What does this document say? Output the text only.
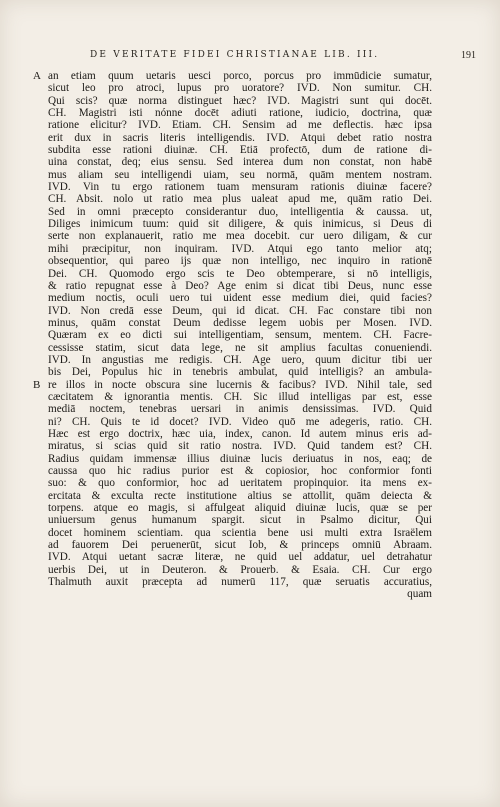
DE VERITATE FIDEI CHRISTIANAE LIB. III.	191
A
B
an etiam quum uetaris uesci porco, porcus pro immūdicie sumatur,
sicut leo pro atroci, lupus pro uoratore? IVD. Non sumitur. CH.
Qui scis? quæ norma distinguet hæc? IVD. Magistri sunt qui docēt.
CH. Magistri isti nónne docēt adiuti ratione, iudicio, doctrina, quæ
ratione elicitur? IVD. Etiam. CH. Sensim ad me deflectis. hæc ipsa
erit dux in sacris literis intelligendis. IVD. Atqui debet ratio nostra
subdita esse rationi diuinæ. CH. Etiā profectō, dum de ratione di-
uina constat, deq; eius sensu. Sed interea dum non constat, non habē
mus aliam seu intelligendi uiam, seu normā, quām mentem nostram.
IVD. Vin tu ergo rationem tuam mensuram rationis diuinæ facere?
CH. Absit. nolo ut ratio mea plus ualeat apud me, quām ratio Dei.
Sed in omni præcepto considerantur duo, intelligentia & caussa. ut,
Diliges inimicum tuum: quid sit diligere, & quis inimicus, si Deus di
serte non explanauerit, ratio me mea docebit. cur uero diligam, & cur
mihi præcipitur, non inquiram. IVD. Atqui ego tanto melior atq;
obsequentior, qui pareo ijs quæ non intelligo, nec inquiro in rationē
Dei. CH. Quomodo ergo scis te Deo obtemperare, si nō intelligis,
& ratio repugnat esse à Deo? Age enim si dicat tibi Deus, nunc esse
medium noctis, oculi uero tui uident esse medium diei, quid facies?
IVD. Non credā esse Deum, qui id dicat. CH. Fac constare tibi non
minus, quām constat Deum dedisse legem uobis per Mosen. IVD.
Quæram ex eo dicti sui intelligentiam, sensum, mentem. CH. Facre-
cessisse statim, sicut data lege, ne sit amplius facultas conueniendi.
IVD. In angustias me redigis. CH. Age uero, quum dicitur tibi uer
bis Dei, Populus hic in tenebris ambulat, quid intelligis? an ambula-
re illos in nocte obscura sine lucernis & facibus? IVD. Nihil tale, sed
cæcitatem & ignorantia mentis. CH. Sic illud intelligas par est, esse
mediā noctem, tenebras uersari in animis densissimas. IVD. Quid
ni? CH. Quis te id docet? IVD. Video quō me adegeris, ratio. CH.
Hæc est ergo doctrix, hæc uia, index, canon. Id autem minus eris ad-
miratus, si scias quid sit ratio nostra. IVD. Quid tandem est? CH.
Radius quidam immensæ illius diuinæ lucis deriuatus in nos, eaq; de
caussa quo hic radius purior est & copiosior, hoc conformior fonti
suo: & quo conformior, hoc ad ueritatem propinquior. ita mens ex-
ercitata & exculta recte institutione altius se attollit, quām deiecta &
torpens. atque eo magis, si affulgeat aliquid diuinæ lucis, quæ se per
uniuersum genus humanum spargit. sicut in Psalmo dicitur, Qui
docet hominem scientiam. qua scientia bene usi multi extra Israëlem
ad fauorem Dei peruenerūt, sicut Iob, & princeps omniū Abraam.
IVD. Atqui uetant sacræ literæ, ne quid uel addatur, uel detrahatur
uerbis Dei, ut in Deuteron. & Prouerb. & Esaia. CH. Cur ergo
Thalmuth auxit præcepta ad numerū 117, quæ seruatis accuratius,
quam
